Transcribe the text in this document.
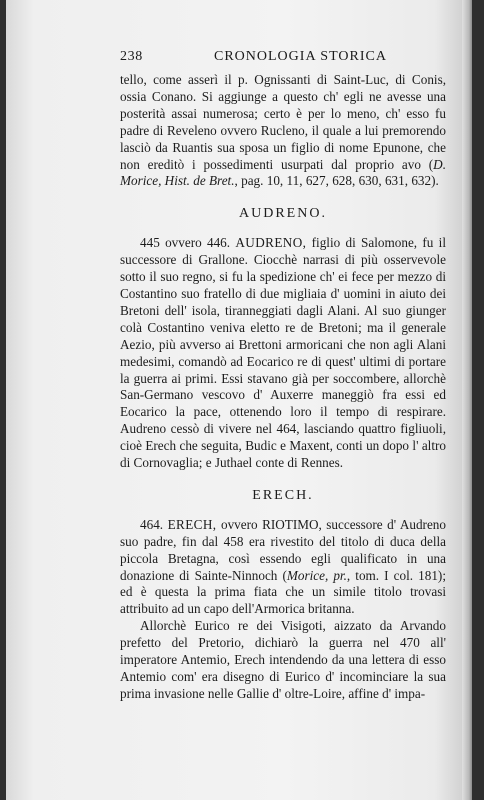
238	CRONOLOGIA STORICA

tello, come asserì il p. Ognissanti di Saint-Luc, di Conis, ossia Conano. Si aggiunge a questo ch' egli ne avesse una posterità assai numerosa; certo è per lo meno, ch' esso fu padre di Reveleno ovvero Rucleno, il quale a lui premorendo lasciò da Ruantis sua sposa un figlio di nome Epunone, che non ereditò i possedimenti usurpati dal proprio avo (D. Morice, Hist. de Bret., pag. 10, 11, 627, 628, 630, 631, 632).

AUDRENO.

445 ovvero 446. AUDRENO, figlio di Salomone, fu il successore di Grallone. Ciocchè narrasi di più osservevole sotto il suo regno, si fu la spedizione ch' ei fece per mezzo di Costantino suo fratello di due migliaia d' uomini in aiuto dei Bretoni dell' isola, tiranneggiati dagli Alani. Al suo giunger colà Costantino veniva eletto re de Bretoni; ma il generale Aezio, più avverso ai Brettoni armoricani che non agli Alani medesimi, comandò ad Eocarico re di quest' ultimi di portare la guerra ai primi. Essi stavano già per soccombere, allorchè San-Germano vescovo d' Auxerre maneggiò fra essi ed Eocarico la pace, ottenendo loro il tempo di respirare. Audreno cessò di vivere nel 464, lasciando quattro figliuoli, cioè Erech che seguita, Budic e Maxent, conti un dopo l' altro di Cornovaglia; e Juthael conte di Rennes.

ERECH.

464. ERECH, ovvero RIOTIMO, successore d' Audreno suo padre, fin dal 458 era rivestito del titolo di duca della piccola Bretagna, così essendo egli qualificato in una donazione di Sainte-Ninnoch (Morice, pr., tom. I col. 181); ed è questa la prima fiata che un simile titolo trovasi attribuito ad un capo dell'Armorica britanna.

Allorchè Eurico re dei Visigoti, aizzato da Arvando prefetto del Pretorio, dichiarò la guerra nel 470 all' imperatore Antemio, Erech intendendo da una lettera di esso Antemio com' era disegno di Eurico d' incominciare la sua prima invasione nelle Gallie d' oltre-Loire, affine d' impa-
